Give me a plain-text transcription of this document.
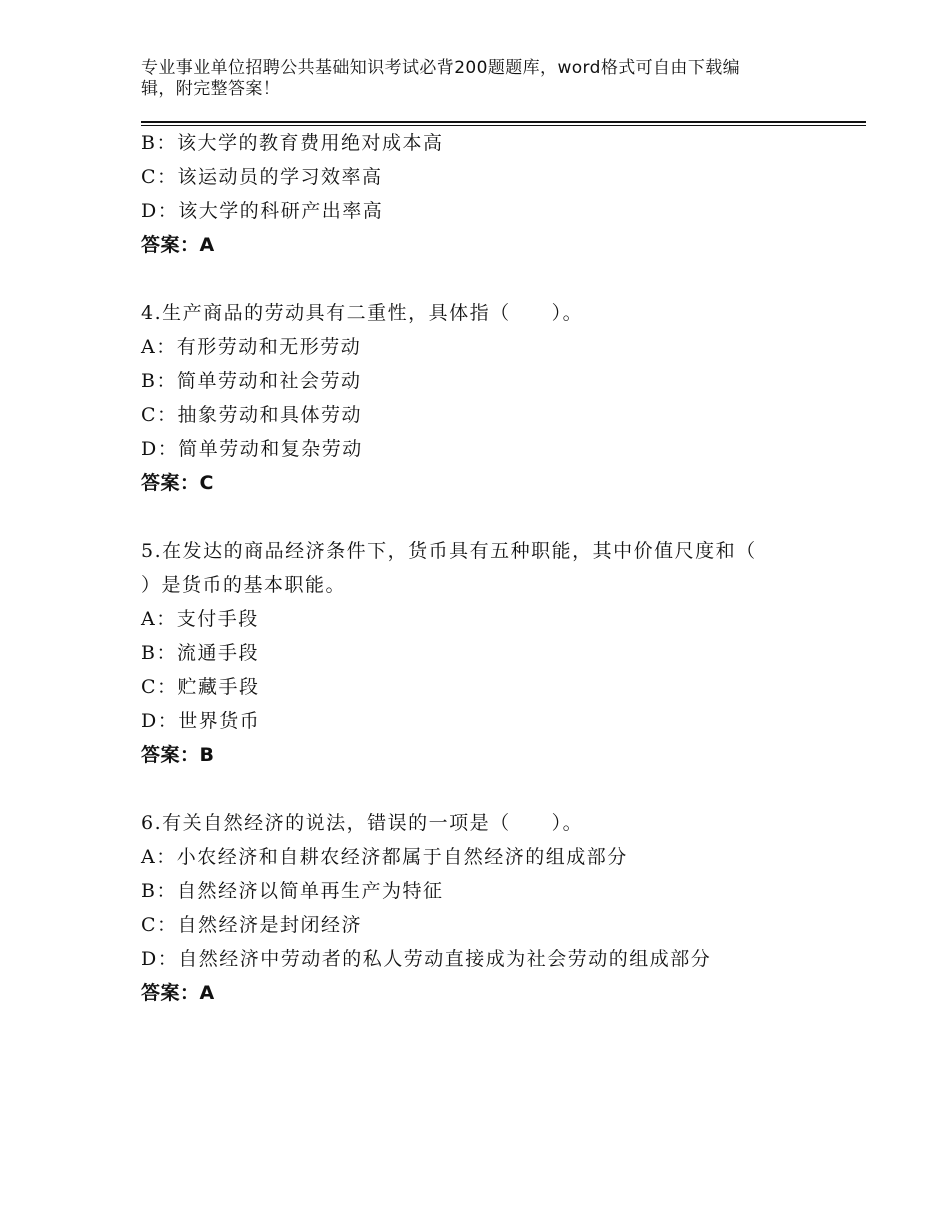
专业事业单位招聘公共基础知识考试必背200题题库，word格式可自由下载编
辑，附完整答案！
B：该大学的教育费用绝对成本高
C：该运动员的学习效率高
D：该大学的科研产出率高
答案：A
4.生产商品的劳动具有二重性，具体指（　　）。
A：有形劳动和无形劳动
B：简单劳动和社会劳动
C：抽象劳动和具体劳动
D：简单劳动和复杂劳动
答案：C
5.在发达的商品经济条件下，货币具有五种职能，其中价值尺度和（
）是货币的基本职能。
A：支付手段
B：流通手段
C：贮藏手段
D：世界货币
答案：B
6.有关自然经济的说法，错误的一项是（　　）。
A：小农经济和自耕农经济都属于自然经济的组成部分
B：自然经济以简单再生产为特征
C：自然经济是封闭经济
D：自然经济中劳动者的私人劳动直接成为社会劳动的组成部分
答案：A
